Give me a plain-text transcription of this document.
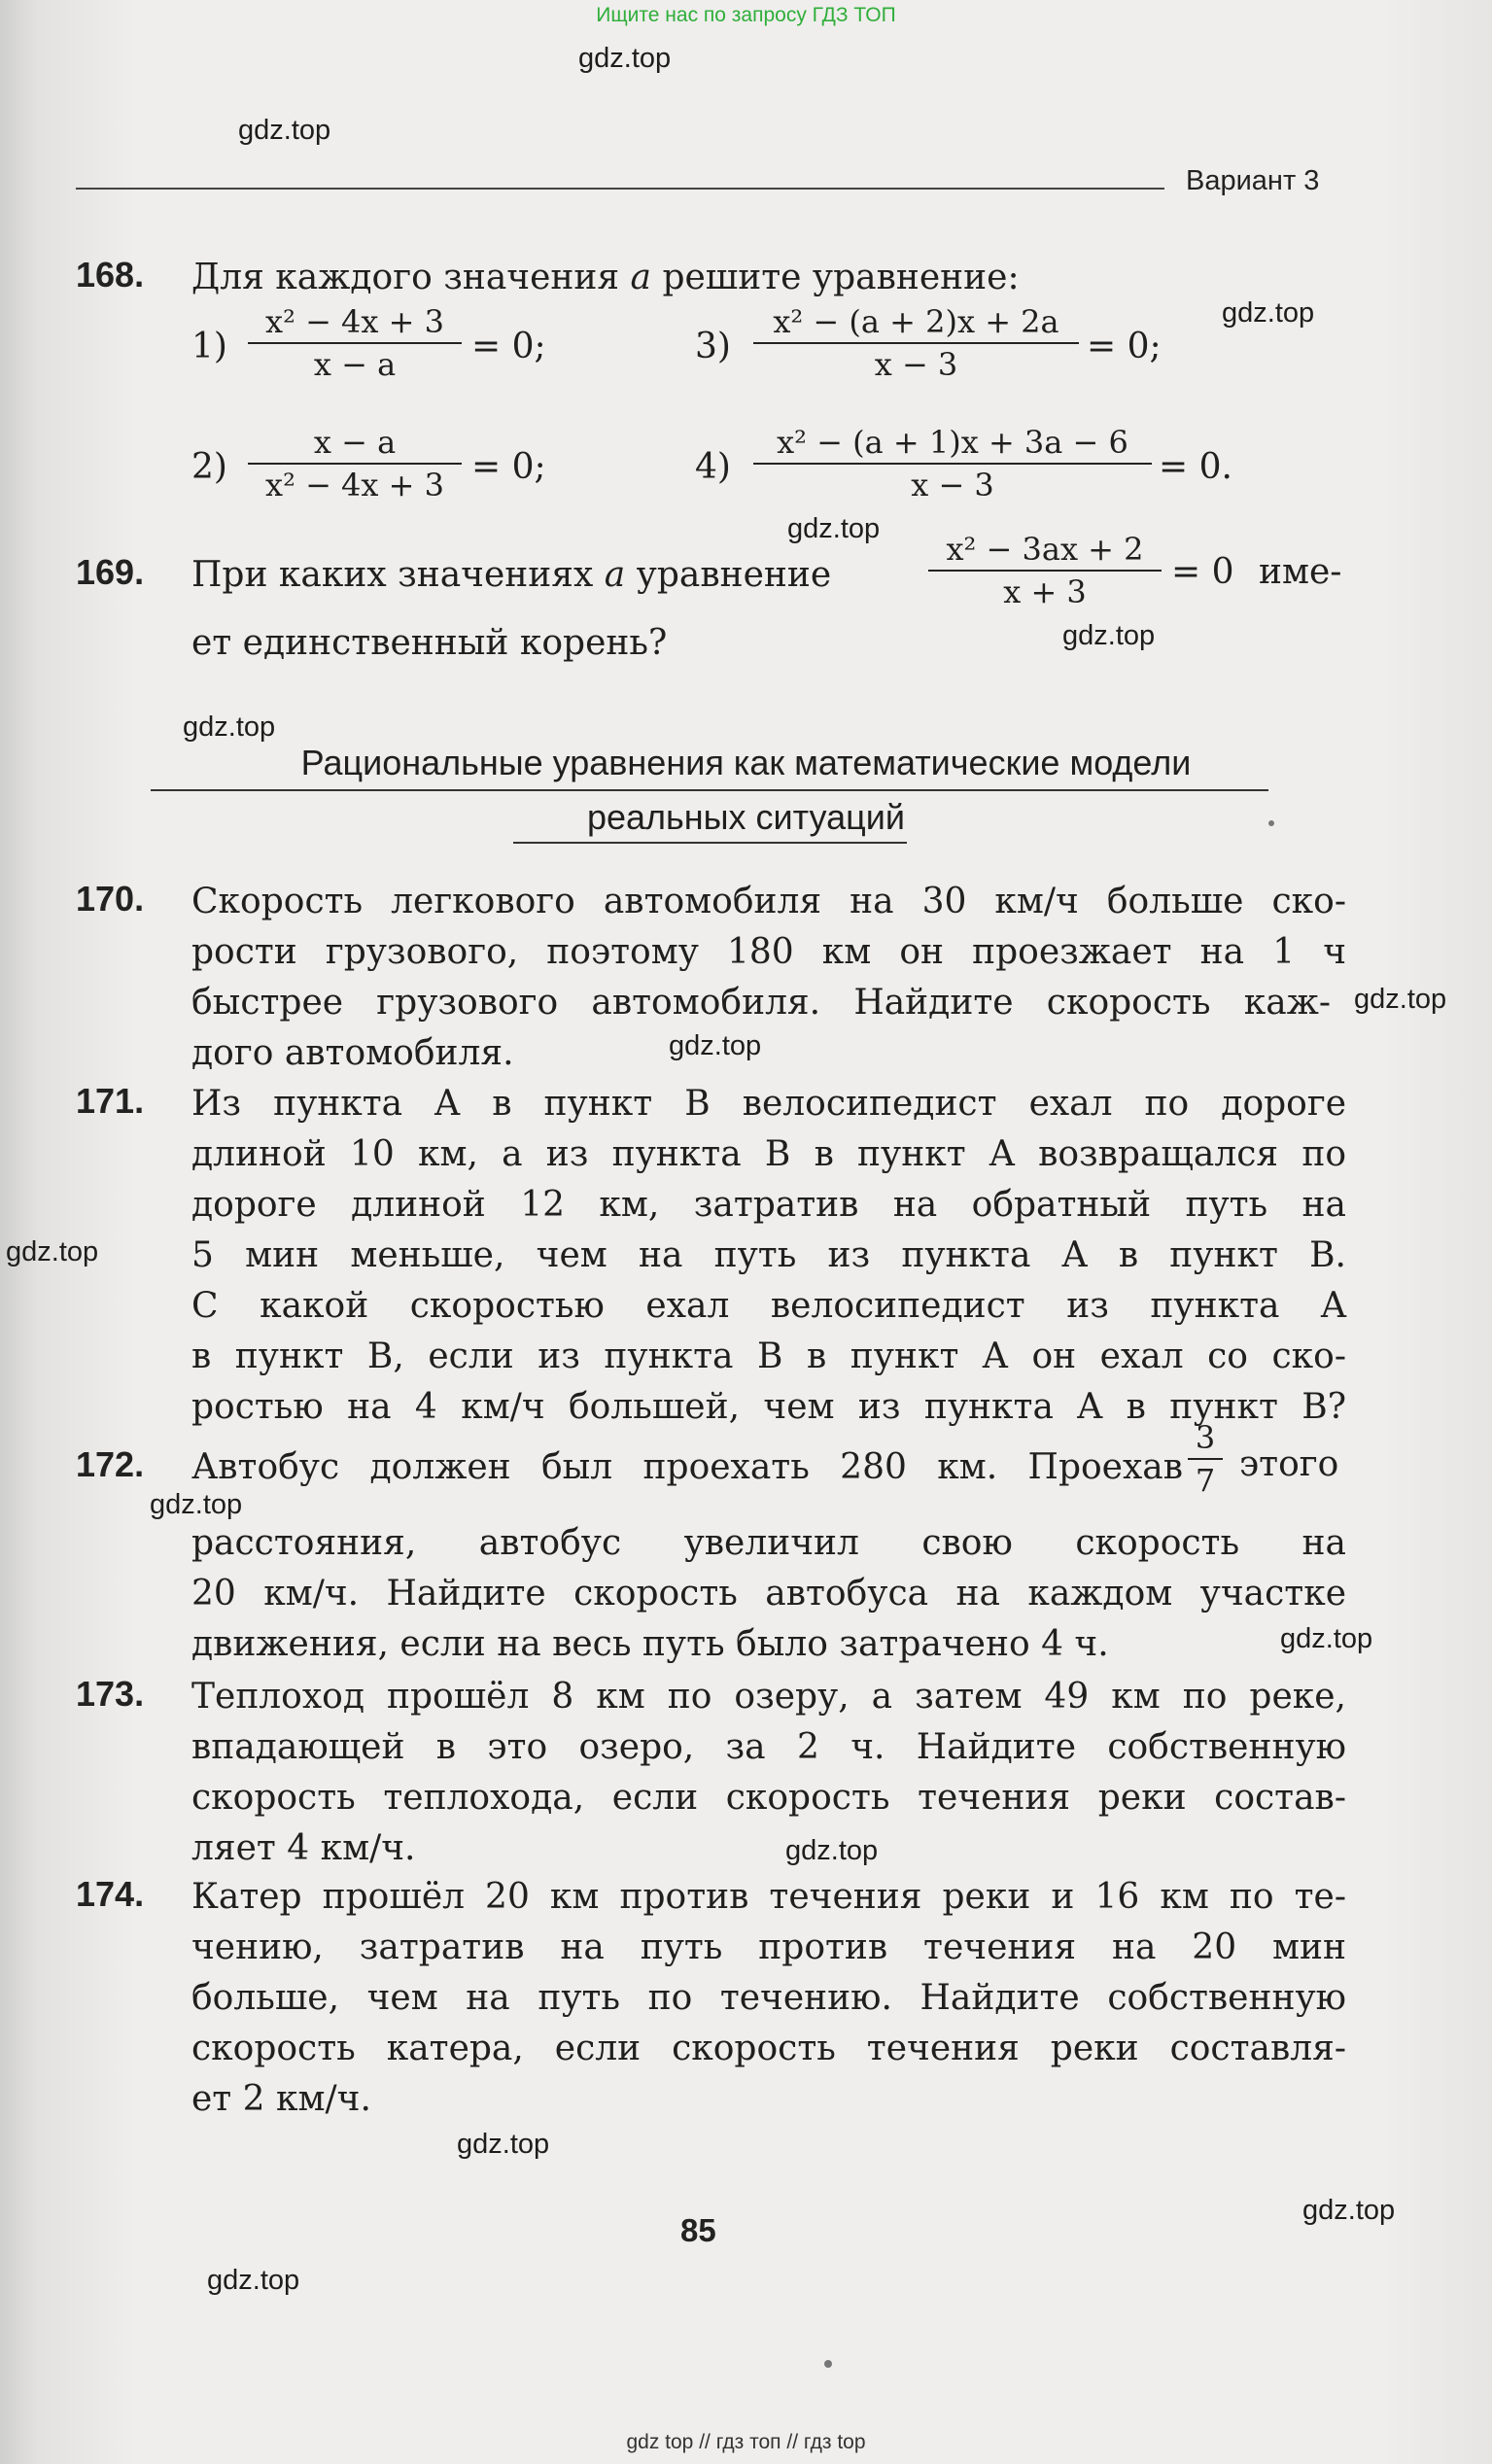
Ищите нас по запросу ГДЗ ТОП
gdz.top
gdz.top
gdz.top
gdz.top
gdz.top
gdz.top
gdz.top
gdz.top
gdz.top
gdz.top
gdz.top
gdz.top
gdz.top
gdz.top
gdz.top
Вариант 3
168. Для каждого значения a решите уравнение:
$1) \frac{\text{x² − 4x + 3}}{x - a} = 0$;	$3) \frac{\text{x² − (a + 2)x + 2a}}{x - 3} = 0$;
$2) \frac{x - a}{\text{x² − 4x + 3}} = 0$;	$4) \frac{\text{x² − (a + 1)x + 3a − 6}}{x - 3} = 0$.
169. При каких значениях a уравнение	$\frac{\text{x² − 3ax + 2}}{x + 3} = 0$ име-
ет единственный корень?
Рациональные уравнения как математические модели
реальных ситуаций
170. Скорость легкового автомобиля на 30 км/ч больше ско-
рости грузового, поэтому 180 км он проезжает на 1 ч
быстрее грузового автомобиля. Найдите скорость каж-
дого автомобиля.
171. Из пункта A в пункт B велосипедист ехал по дороге
длиной 10 км, а из пункта B в пункт A возвращался по
дороге длиной 12 км, затратив на обратный путь на
5 мин меньше, чем на путь из пункта A в пункт B.
С какой скоростью ехал велосипедист из пункта A
в пункт B, если из пункта B в пункт A он ехал со ско-
ростью на 4 км/ч большей, чем из пункта A в пункт B?
172. Автобус должен был проехать 280 км. Проехав $\frac{3}{7}$ этого
расстояния, автобус увеличил свою скорость на
20 км/ч. Найдите скорость автобуса на каждом участке
движения, если на весь путь было затрачено 4 ч.
173. Теплоход прошёл 8 км по озеру, а затем 49 км по реке,
впадающей в это озеро, за 2 ч. Найдите собственную
скорость теплохода, если скорость течения реки состав-
ляет 4 км/ч.
174. Катер прошёл 20 км против течения реки и 16 км по те-
чению, затратив на путь против течения на 20 мин
больше, чем на путь по течению. Найдите собственную
скорость катера, если скорость течения реки составля-
ет 2 км/ч.
85
gdz top // гдз топ // гдз top
